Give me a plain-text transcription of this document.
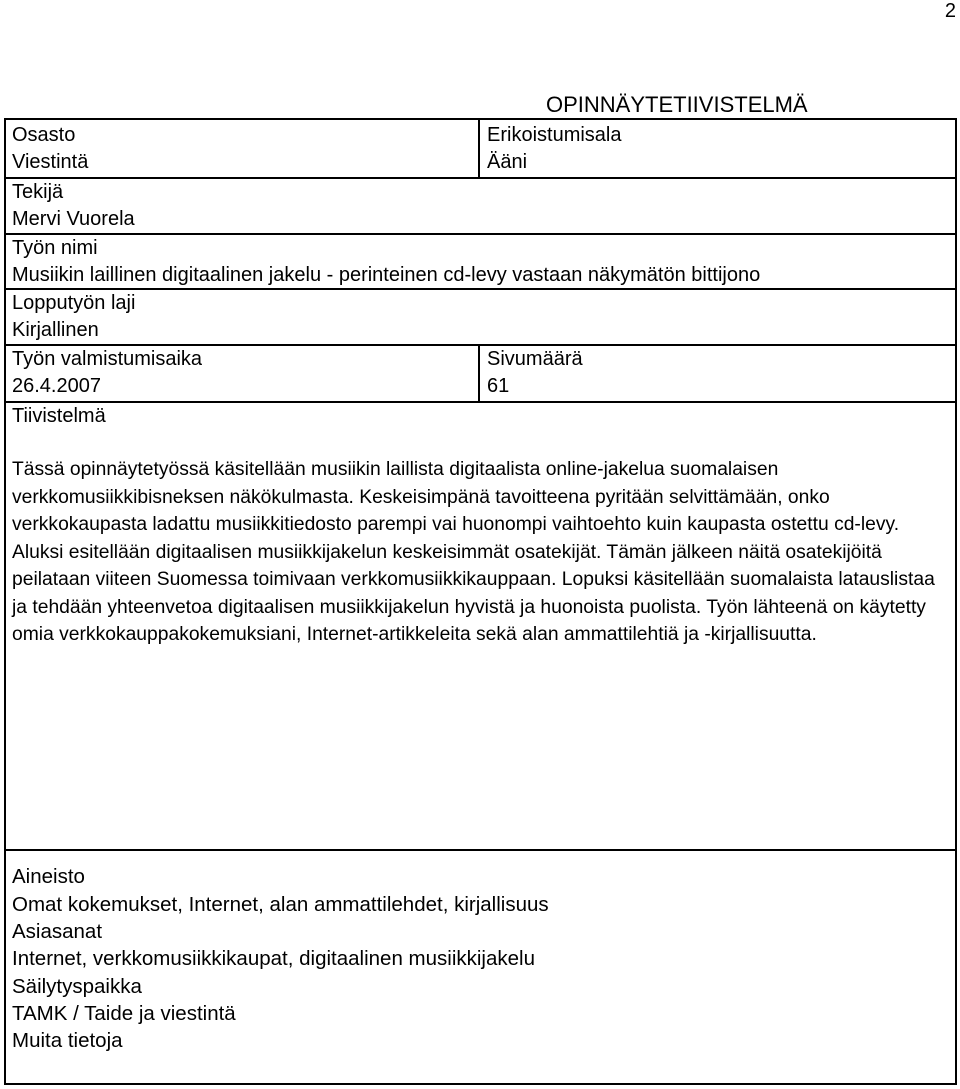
2
OPINNÄYTETIIVISTELMÄ
Osasto
Viestintä
Erikoistumisala
Ääni
Tekijä
Mervi Vuorela
Työn nimi
Musiikin laillinen digitaalinen jakelu - perinteinen cd-levy vastaan näkymätön bittijono
Lopputyön laji
Kirjallinen
Työn valmistumisaika
26.4.2007
Sivumäärä
61
Tiivistelmä
Tässä opinnäytetyössä käsitellään musiikin laillista digitaalista online-jakelua suomalaisen verkkomusiikkibisneksen näkökulmasta. Keskeisimpänä tavoitteena pyritään selvittämään, onko verkkokaupasta ladattu musiikkitiedosto parempi vai huonompi vaihtoehto kuin kaupasta ostettu cd-levy. Aluksi esitellään digitaalisen musiikkijakelun keskeisimmät osatekijät. Tämän jälkeen näitä osatekijöitä peilataan viiteen Suomessa toimivaan verkkomusiikkikauppaan. Lopuksi käsitellään suomalaista latauslistaa ja tehdään yhteenvetoa digitaalisen musiikkijakelun hyvistä ja huonoista puolista. Työn lähteenä on käytetty omia verkkokauppakokemuksiani, Internet-artikkeleita sekä alan ammattilehtiä ja -kirjallisuutta.
Aineisto
Omat kokemukset, Internet, alan ammattilehdet, kirjallisuus
Asiasanat
Internet, verkkomusiikkikaupat, digitaalinen musiikkijakelu
Säilytyspaikka
TAMK / Taide ja viestintä
Muita tietoja
